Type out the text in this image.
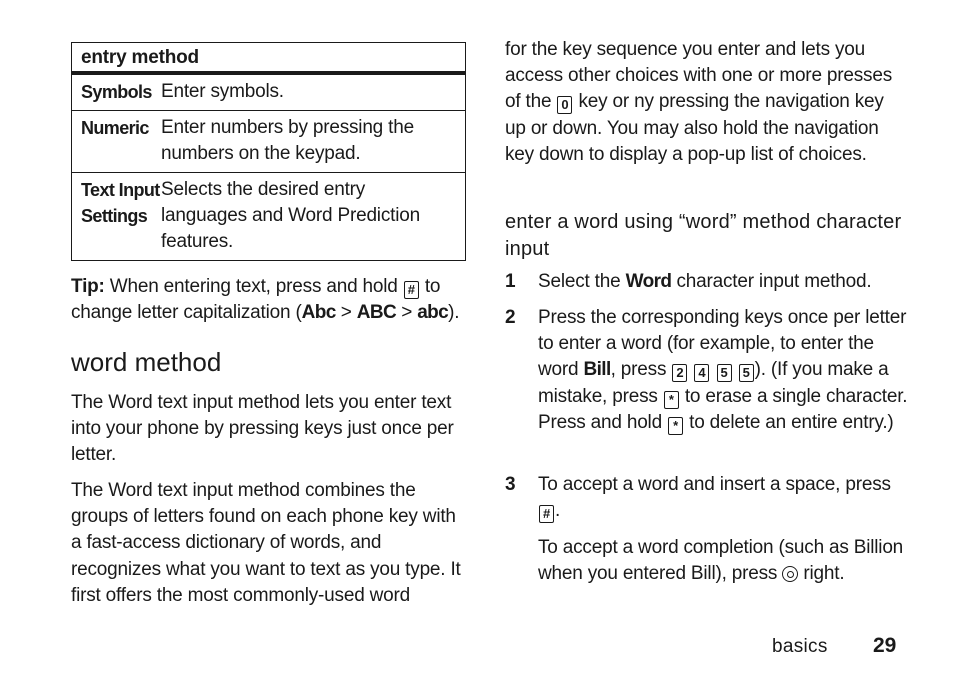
entry method	
Symbols	Enter symbols.
Numeric	Enter numbers by pressing the numbers on the keypad.
Text Input
Settings	Selects the desired entry languages and Word Prediction features.
Tip: When entering text, press and hold # to change letter capitalization (Abc > ABC > abc).
word method

The Word text input method lets you enter text into your phone by pressing keys just once per letter.

The Word text input method combines the groups of letters found on each phone key with a fast-access dictionary of words, and recognizes what you want to text as you type. It first offers the most commonly-used word

for the key sequence you enter and lets you access other choices with one or more presses of the 0 key or ny pressing the navigation key up or down. You may also hold the navigation key down to display a pop-up list of choices.

enter a word using “word” method character input
1 Select the Word character input method.

2 Press the corresponding keys once per letter to enter a word (for example, to enter the word Bill, press 2 4 5 5 ). (If you make a mistake, press * to erase a single character. Press and hold * to delete an entire entry.)

3 To accept a word and insert a space, press # .

To accept a word completion (such as Billion when you entered Bill), press  right.

basics 29
